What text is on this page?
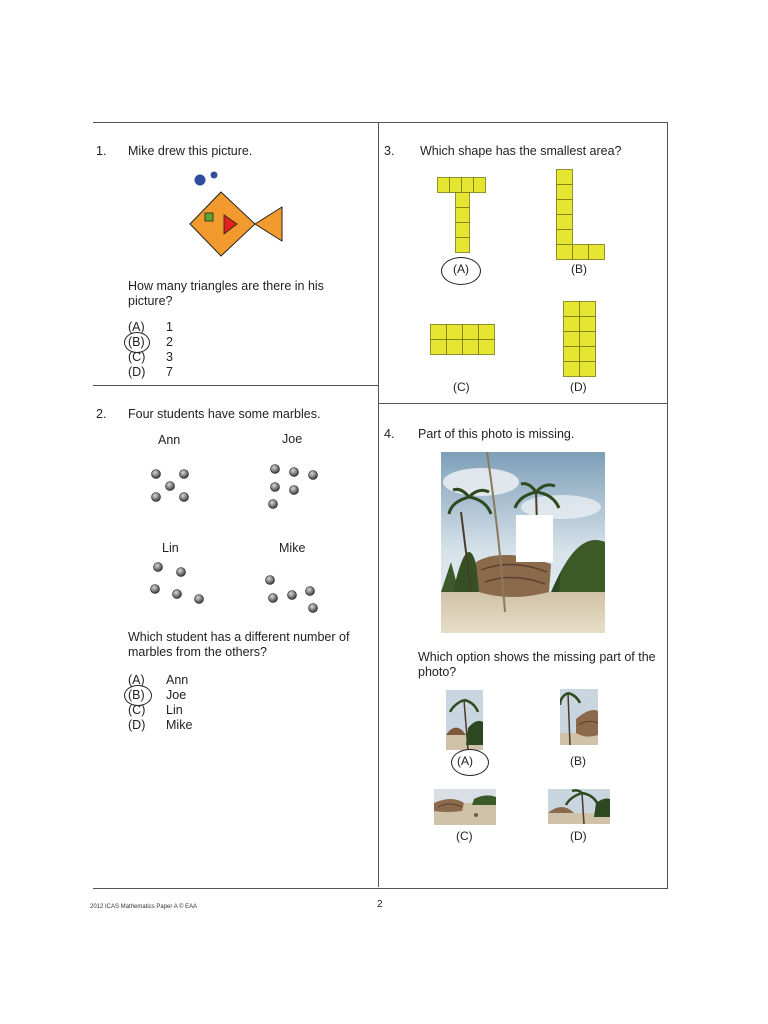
1. Mike drew this picture.
How many triangles are there in his picture?
(A) 1
(B) 2
(C) 3
(D) 7
2. Four students have some marbles.
Ann	Joe
Lin	Mike
Which student has a different number of marbles from the others?
(A) Ann
(B) Joe
(C) Lin
(D) Mike
3. Which shape has the smallest area?
(A)	(B)
(C)	(D)
4. Part of this photo is missing.
Which option shows the missing part of the photo?
(A)	(B)
(C)	(D)
2012 ICAS Mathematics Paper A © EAA	2
